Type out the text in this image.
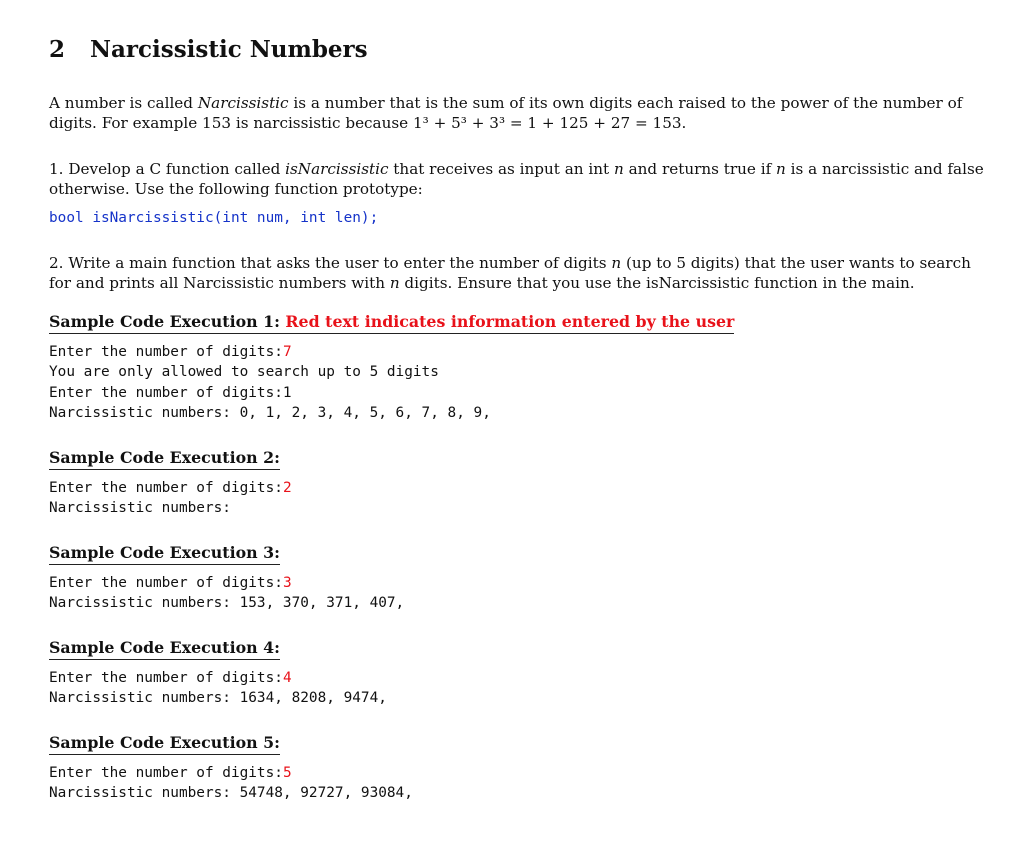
2	Narcissistic Numbers

A number is called Narcissistic is a number that is the sum of its own digits each raised to the power of the number of digits. For example 153 is narcissistic because 1³ + 5³ + 3³ = 1 + 125 + 27 = 153.

1. Develop a C function called isNarcissistic that receives as input an int n and returns true if n is a narcissistic and false otherwise. Use the following function prototype:

bool isNarcissistic(int num, int len);

2. Write a main function that asks the user to enter the number of digits n (up to 5 digits) that the user wants to search for and prints all Narcissistic numbers with n digits. Ensure that you use the isNarcissistic function in the main.

Sample Code Execution 1: Red text indicates information entered by the user

Enter the number of digits:7
You are only allowed to search up to 5 digits
Enter the number of digits:1
Narcissistic numbers: 0, 1, 2, 3, 4, 5, 6, 7, 8, 9,

Sample Code Execution 2:

Enter the number of digits:2
Narcissistic numbers:

Sample Code Execution 3:

Enter the number of digits:3
Narcissistic numbers: 153, 370, 371, 407,

Sample Code Execution 4:

Enter the number of digits:4
Narcissistic numbers: 1634, 8208, 9474,

Sample Code Execution 5:

Enter the number of digits:5
Narcissistic numbers: 54748, 92727, 93084,
